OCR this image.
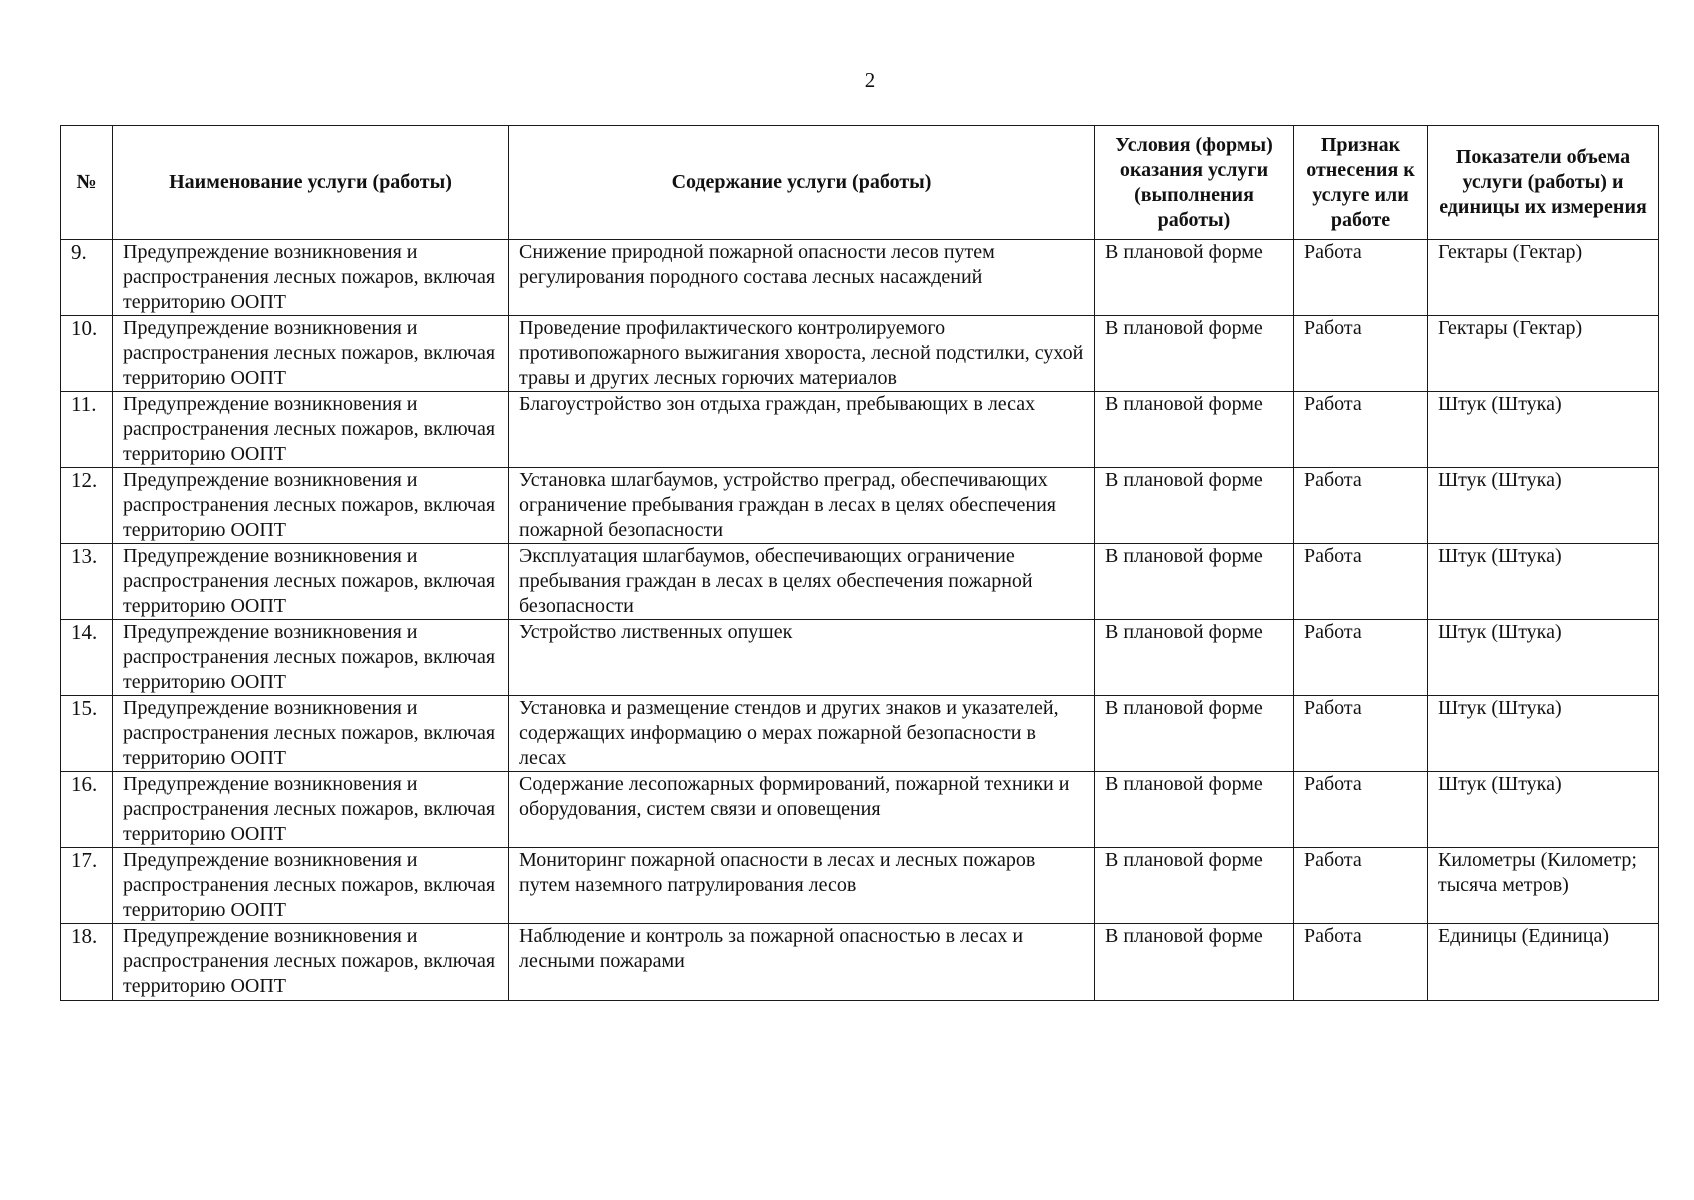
2
№	Наименование услуги (работы)	Содержание услуги (работы)	Условия (формы) оказания услуги (выполнения работы)	Признак отнесения к услуге или работе	Показатели объема услуги (работы) и единицы их измерения
9.	Предупреждение возникновения и распространения лесных пожаров, включая территорию ООПТ	Снижение природной пожарной опасности лесов путем регулирования породного состава лесных насаждений	В плановой форме	Работа	Гектары (Гектар)
10.	Предупреждение возникновения и распространения лесных пожаров, включая территорию ООПТ	Проведение профилактического контролируемого противопожарного выжигания хвороста, лесной подстилки, сухой травы и других лесных горючих материалов	В плановой форме	Работа	Гектары (Гектар)
11.	Предупреждение возникновения и распространения лесных пожаров, включая территорию ООПТ	Благоустройство зон отдыха граждан, пребывающих в лесах	В плановой форме	Работа	Штук (Штука)
12.	Предупреждение возникновения и распространения лесных пожаров, включая территорию ООПТ	Установка шлагбаумов, устройство преград, обеспечивающих ограничение пребывания граждан в лесах в целях обеспечения пожарной безопасности	В плановой форме	Работа	Штук (Штука)
13.	Предупреждение возникновения и распространения лесных пожаров, включая территорию ООПТ	Эксплуатация шлагбаумов, обеспечивающих ограничение пребывания граждан в лесах в целях обеспечения пожарной безопасности	В плановой форме	Работа	Штук (Штука)
14.	Предупреждение возникновения и распространения лесных пожаров, включая территорию ООПТ	Устройство лиственных опушек	В плановой форме	Работа	Штук (Штука)
15.	Предупреждение возникновения и распространения лесных пожаров, включая территорию ООПТ	Установка и размещение стендов и других знаков и указателей, содержащих информацию о мерах пожарной безопасности в лесах	В плановой форме	Работа	Штук (Штука)
16.	Предупреждение возникновения и распространения лесных пожаров, включая территорию ООПТ	Содержание лесопожарных формирований, пожарной техники и оборудования, систем связи и оповещения	В плановой форме	Работа	Штук (Штука)
17.	Предупреждение возникновения и распространения лесных пожаров, включая территорию ООПТ	Мониторинг пожарной опасности в лесах и лесных пожаров путем наземного патрулирования лесов	В плановой форме	Работа	Километры (Километр; тысяча метров)
18.	Предупреждение возникновения и распространения лесных пожаров, включая территорию ООПТ	Наблюдение и контроль за пожарной опасностью в лесах и лесными пожарами	В плановой форме	Работа	Единицы (Единица)
